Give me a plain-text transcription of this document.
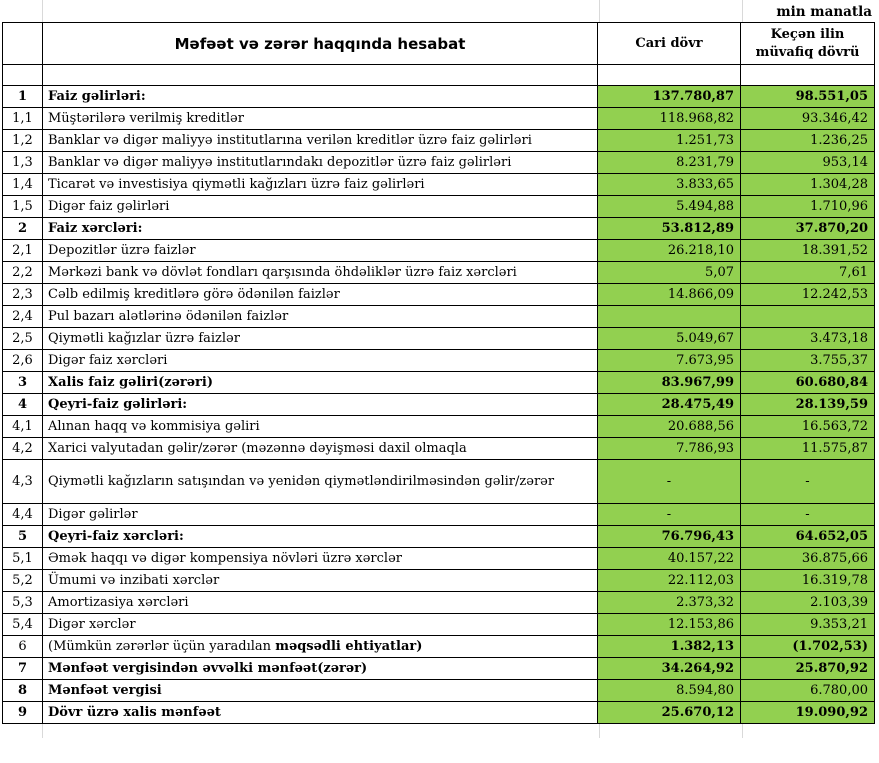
min manatla
	Məfəət və zərər haqqında hesabat	Cari dövr	Keçən ilin müvafiq dövrü

1	Faiz gəlirləri:	137.780,87	98.551,05
1,1	Müştərilərə verilmiş kreditlər	118.968,82	93.346,42
1,2	Banklar və digər maliyyə institutlarına verilən kreditlər üzrə faiz gəlirləri	1.251,73	1.236,25
1,3	Banklar və digər maliyyə institutlarındakı depozitlər üzrə faiz gəlirləri	8.231,79	953,14
1,4	Ticarət və investisiya qiymətli kağızları üzrə faiz gəlirləri	3.833,65	1.304,28
1,5	Digər faiz gəlirləri	5.494,88	1.710,96
2	Faiz xərcləri:	53.812,89	37.870,20
2,1	Depozitlər üzrə faizlər	26.218,10	18.391,52
2,2	Mərkəzi bank və dövlət fondları qarşısında öhdəliklər üzrə faiz xərcləri	5,07	7,61
2,3	Cəlb edilmiş kreditlərə görə ödənilən faizlər	14.866,09	12.242,53
2,4	Pul bazarı alətlərinə ödənilən faizlər		
2,5	Qiymətli kağızlar üzrə faizlər	5.049,67	3.473,18
2,6	Digər faiz xərcləri	7.673,95	3.755,37
3	Xalis faiz gəliri(zərəri)	83.967,99	60.680,84
4	Qeyri-faiz gəlirləri:	28.475,49	28.139,59
4,1	Alınan haqq və kommisiya gəliri	20.688,56	16.563,72
4,2	Xarici valyutadan gəlir/zərər (məzənnə dəyişməsi daxil olmaqla	7.786,93	11.575,87
4,3	Qiymətli kağızların satışından və yenidən qiymətləndirilməsindən gəlir/zərər	-	-
4,4	Digər gəlirlər	-	-
5	Qeyri-faiz xərcləri:	76.796,43	64.652,05
5,1	Əmək haqqı və digər kompensiya növləri üzrə xərclər	40.157,22	36.875,66
5,2	Ümumi və inzibati xərclər	22.112,03	16.319,78
5,3	Amortizasiya xərcləri	2.373,32	2.103,39
5,4	Digər xərclər	12.153,86	9.353,21
6	(Mümkün zərərlər üçün yaradılan məqsədli ehtiyatlar)	1.382,13	(1.702,53)
7	Mənfəət vergisindən əvvəlki mənfəət(zərər)	34.264,92	25.870,92
8	Mənfəət vergisi	8.594,80	6.780,00
9	Dövr üzrə xalis mənfəət	25.670,12	19.090,92
